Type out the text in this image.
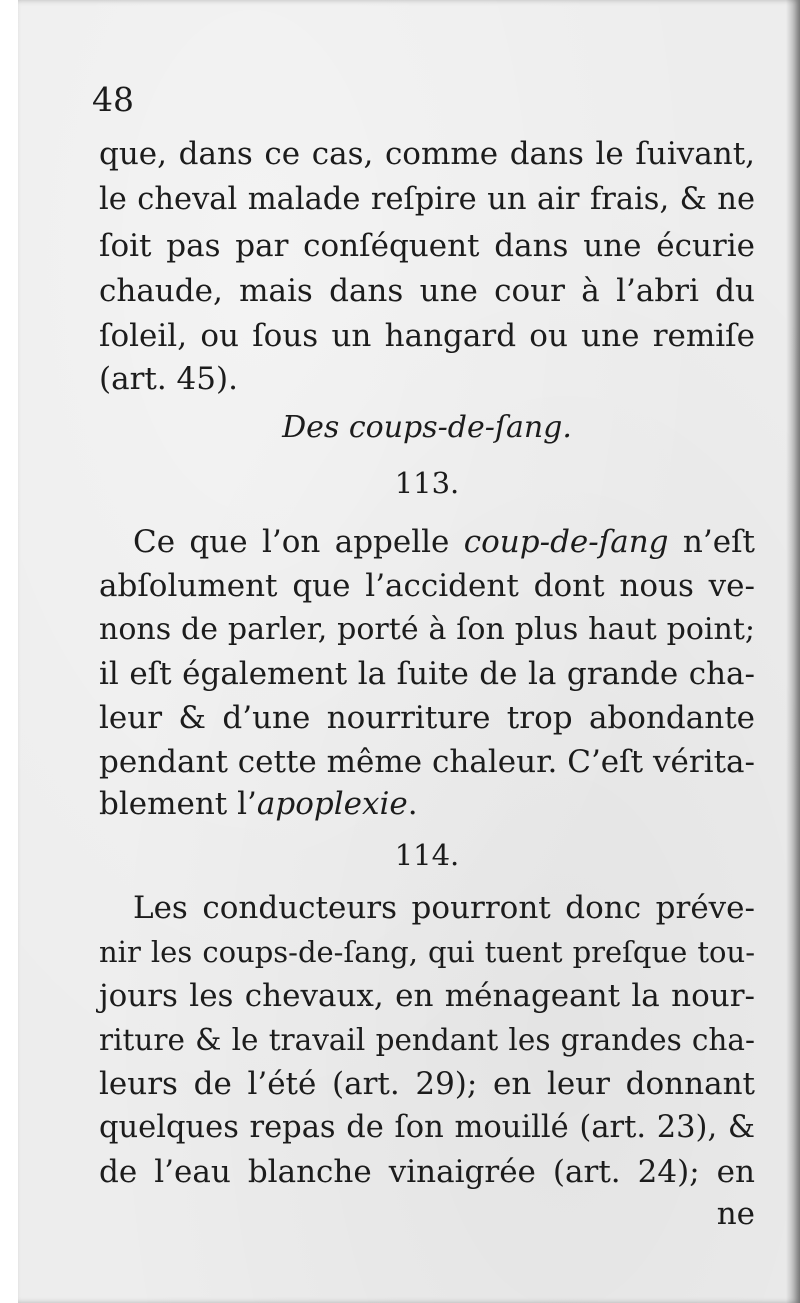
48
que, dans ce cas, comme dans le ſuivant,
le cheval malade reſpire un air frais, & ne
ſoit pas par conſéquent dans une écurie
chaude, mais dans une cour à l’abri du
ſoleil, ou ſous un hangard ou une remiſe
(art. 45).
Des coups-de-ſang.
113.
Ce que l’on appelle coup-de-ſang n’eſt
abſolument que l’accident dont nous ve-
nons de parler, porté à ſon plus haut point;
il eſt également la ſuite de la grande cha-
leur & d’une nourriture trop abondante
pendant cette même chaleur. C’eſt vérita-
blement l’apoplexie.
114.
Les conducteurs pourront donc préve-
nir les coups-de-ſang, qui tuent preſque tou-
jours les chevaux, en ménageant la nour-
riture & le travail pendant les grandes cha-
leurs de l’été (art. 29); en leur donnant
quelques repas de ſon mouillé (art. 23), &
de l’eau blanche vinaigrée (art. 24); en
ne
